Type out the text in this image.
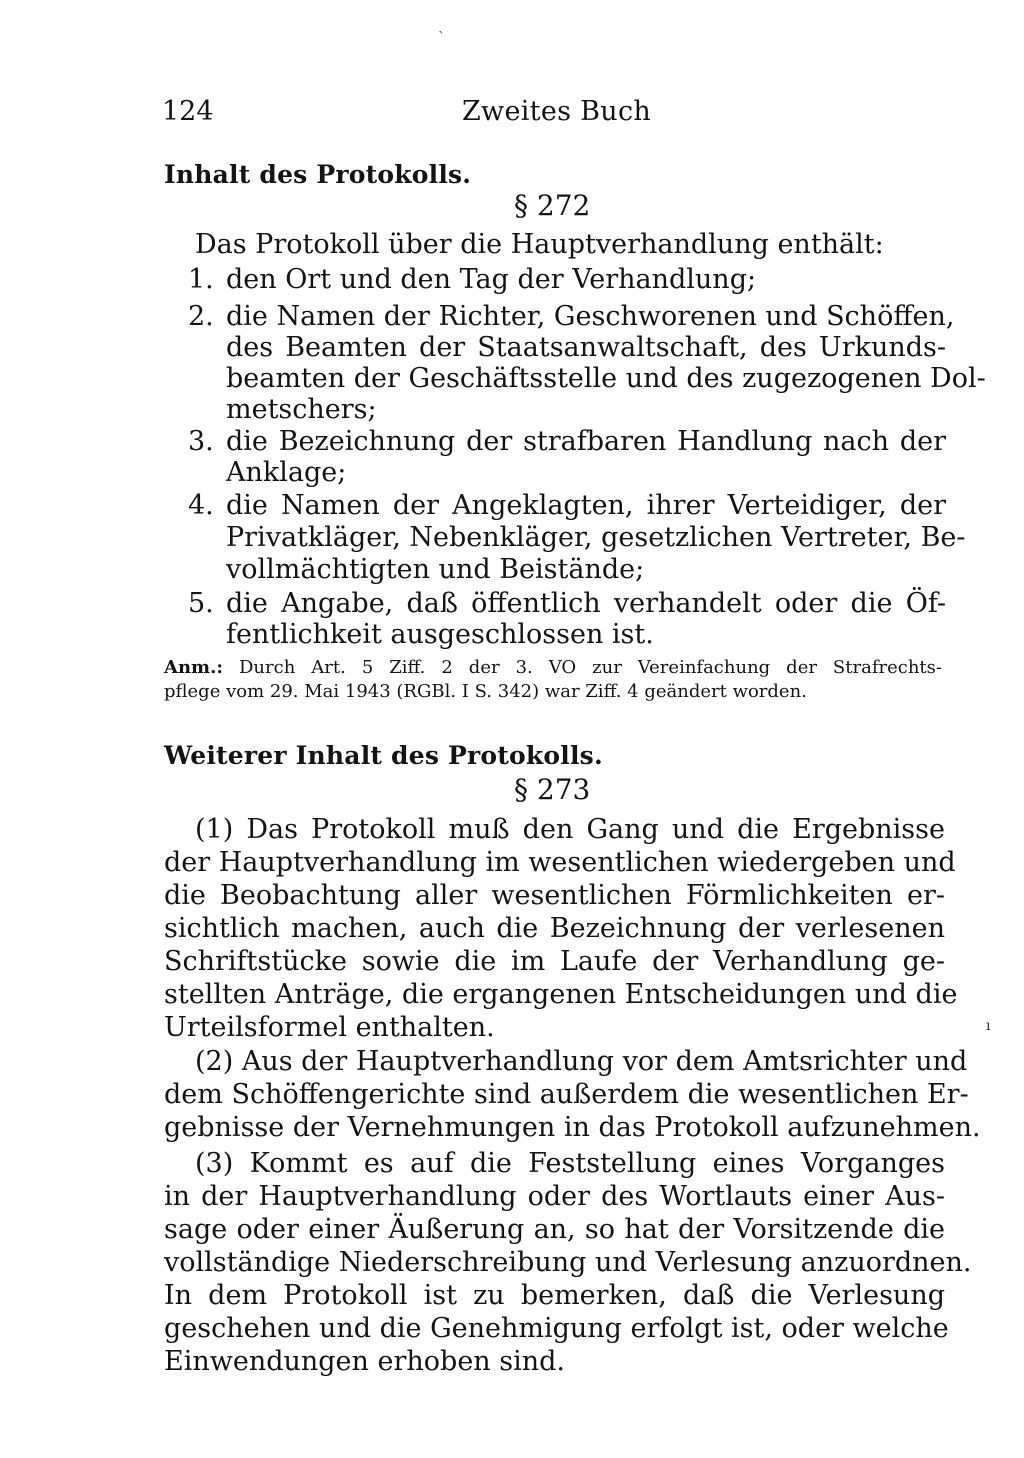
ˋ
124	Zweites Buch
Inhalt des Protokolls.
§ 272
Das Protokoll über die Hauptverhandlung enthält:
1. den Ort und den Tag der Verhandlung;
2. die Namen der Richter, Geschworenen und Schöffen,
des Beamten der Staatsanwaltschaft, des Urkunds-
beamten der Geschäftsstelle und des zugezogenen Dol-
metschers;
3. die Bezeichnung der strafbaren Handlung nach der
Anklage;
4. die Namen der Angeklagten, ihrer Verteidiger, der
Privatkläger, Nebenkläger, gesetzlichen Vertreter, Be-
vollmächtigten und Beistände;
5. die Angabe, daß öffentlich verhandelt oder die Öf-
fentlichkeit ausgeschlossen ist.
Anm.: Durch Art. 5 Ziff. 2 der 3. VO zur Vereinfachung der Strafrechts-
pflege vom 29. Mai 1943 (RGBl. I S. 342) war Ziff. 4 geändert worden.
Weiterer Inhalt des Protokolls.
§ 273
(1) Das Protokoll muß den Gang und die Ergebnisse
der Hauptverhandlung im wesentlichen wiedergeben und
die Beobachtung aller wesentlichen Förmlichkeiten er-
sichtlich machen, auch die Bezeichnung der verlesenen
Schriftstücke sowie die im Laufe der Verhandlung ge-
stellten Anträge, die ergangenen Entscheidungen und die
Urteilsformel enthalten.
(2) Aus der Hauptverhandlung vor dem Amtsrichter und
dem Schöffengerichte sind außerdem die wesentlichen Er-
gebnisse der Vernehmungen in das Protokoll aufzunehmen.
(3) Kommt es auf die Feststellung eines Vorganges
in der Hauptverhandlung oder des Wortlauts einer Aus-
sage oder einer Äußerung an, so hat der Vorsitzende die
vollständige Niederschreibung und Verlesung anzuordnen.
In dem Protokoll ist zu bemerken, daß die Verlesung
geschehen und die Genehmigung erfolgt ist, oder welche
Einwendungen erhoben sind.
ı
